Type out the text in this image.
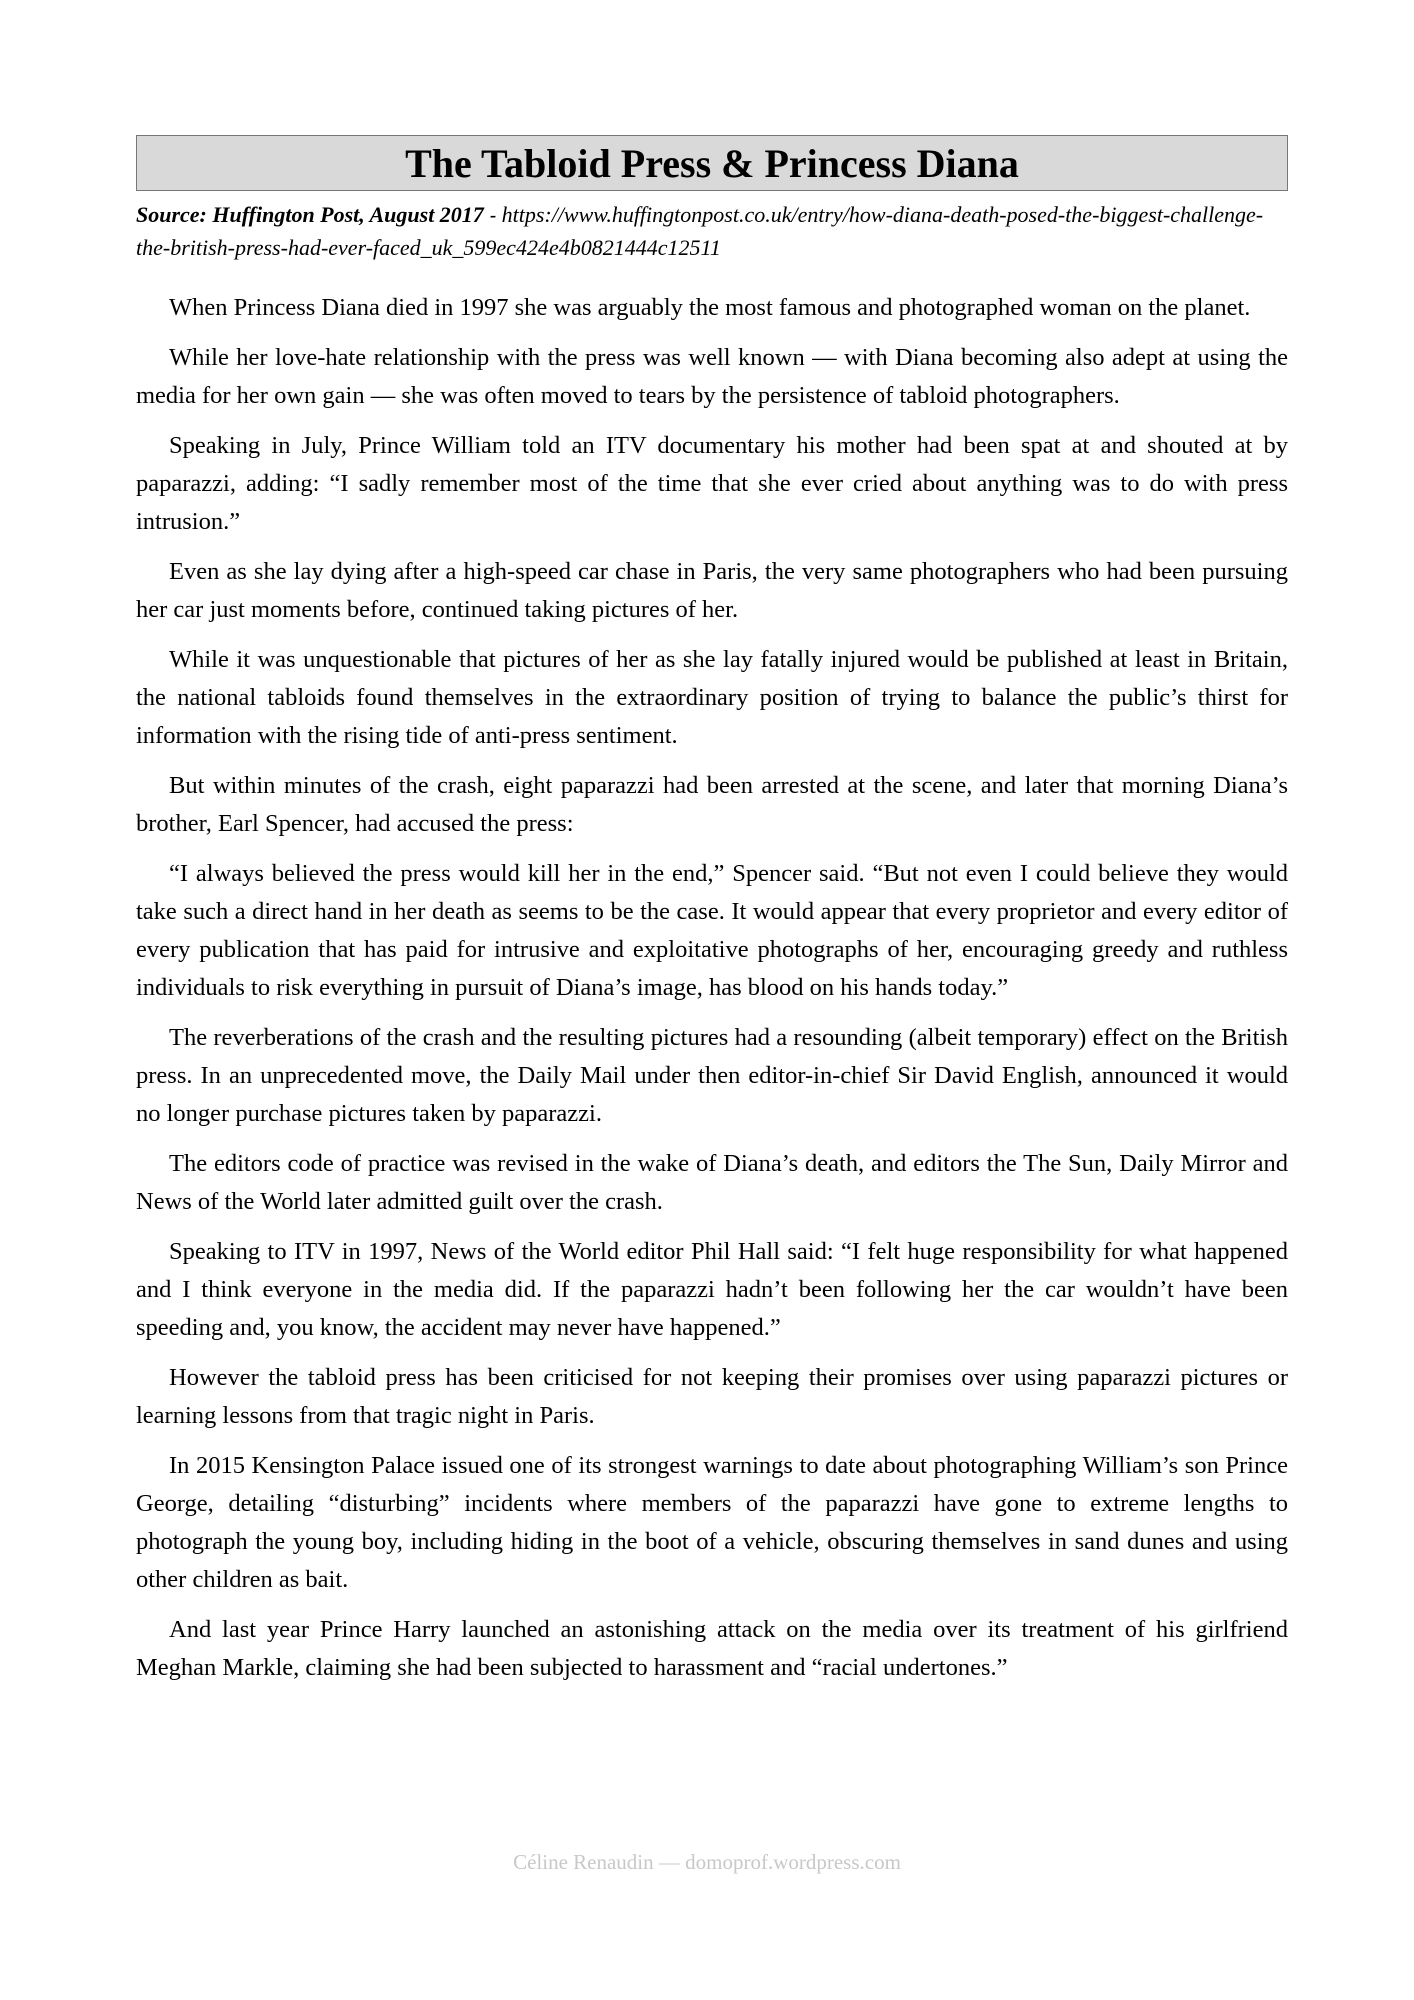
The Tabloid Press & Princess Diana
Source: Huffington Post, August 2017 - https://www.huffingtonpost.co.uk/entry/how-diana-death-posed-the-biggest-challenge-the-british-press-had-ever-faced_uk_599ec424e4b0821444c12511

When Princess Diana died in 1997 she was arguably the most famous and photographed woman on the planet.

While her love-hate relationship with the press was well known — with Diana becoming also adept at using the media for her own gain — she was often moved to tears by the persistence of tabloid photographers.

Speaking in July, Prince William told an ITV documentary his mother had been spat at and shouted at by paparazzi, adding: “I sadly remember most of the time that she ever cried about anything was to do with press intrusion.”

Even as she lay dying after a high-speed car chase in Paris, the very same photographers who had been pursuing her car just moments before, continued taking pictures of her.

While it was unquestionable that pictures of her as she lay fatally injured would be published at least in Britain, the national tabloids found themselves in the extraordinary position of trying to balance the public’s thirst for information with the rising tide of anti-press sentiment.

But within minutes of the crash, eight paparazzi had been arrested at the scene, and later that morning Diana’s brother, Earl Spencer, had accused the press:

“I always believed the press would kill her in the end,” Spencer said. “But not even I could believe they would take such a direct hand in her death as seems to be the case. It would appear that every proprietor and every editor of every publication that has paid for intrusive and exploitative photographs of her, encouraging greedy and ruthless individuals to risk everything in pursuit of Diana’s image, has blood on his hands today.”

The reverberations of the crash and the resulting pictures had a resounding (albeit temporary) effect on the British press. In an unprecedented move, the Daily Mail under then editor-in-chief Sir David English, announced it would no longer purchase pictures taken by paparazzi.

The editors code of practice was revised in the wake of Diana’s death, and editors the The Sun, Daily Mirror and News of the World later admitted guilt over the crash.

Speaking to ITV in 1997, News of the World editor Phil Hall said: “I felt huge responsibility for what happened and I think everyone in the media did. If the paparazzi hadn’t been following her the car wouldn’t have been speeding and, you know, the accident may never have happened.”

However the tabloid press has been criticised for not keeping their promises over using paparazzi pictures or learning lessons from that tragic night in Paris.

In 2015 Kensington Palace issued one of its strongest warnings to date about photographing William’s son Prince George, detailing “disturbing” incidents where members of the paparazzi have gone to extreme lengths to photograph the young boy, including hiding in the boot of a vehicle, obscuring themselves in sand dunes and using other children as bait.

And last year Prince Harry launched an astonishing attack on the media over its treatment of his girlfriend Meghan Markle, claiming she had been subjected to harassment and “racial undertones.”

Céline Renaudin — domoprof.wordpress.com
